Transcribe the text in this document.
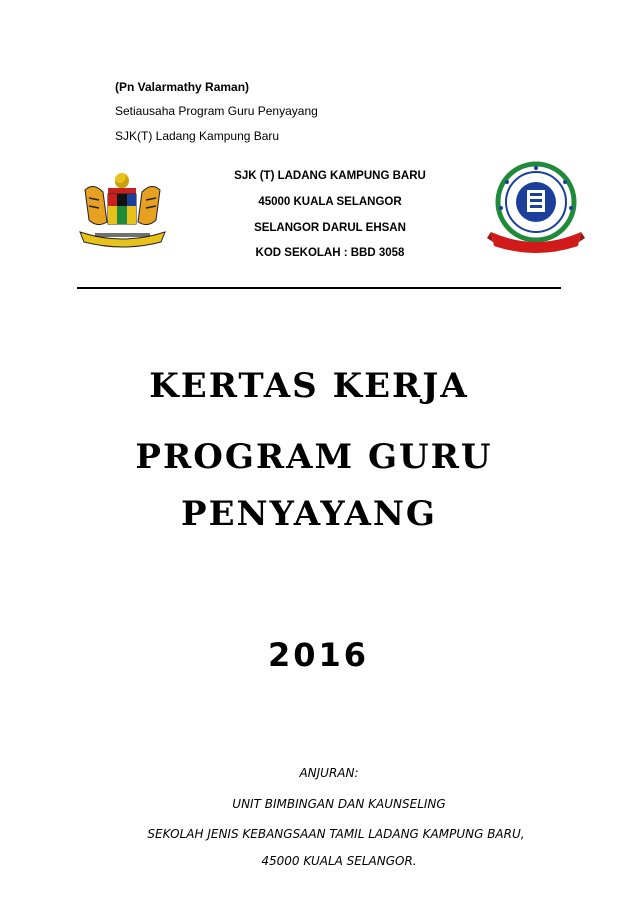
(Pn Valarmathy Raman)
Setiausaha Program Guru Penyayang
SJK(T) Ladang Kampung Baru
SJK (T) LADANG KAMPUNG BARU
45000 KUALA SELANGOR
SELANGOR DARUL EHSAN
KOD SEKOLAH : BBD 3058
KERTAS KERJA
PROGRAM GURU
PENYAYANG
2016
ANJURAN:
UNIT BIMBINGAN DAN KAUNSELING
SEKOLAH JENIS KEBANGSAAN TAMIL LADANG KAMPUNG BARU,
45000 KUALA SELANGOR.
